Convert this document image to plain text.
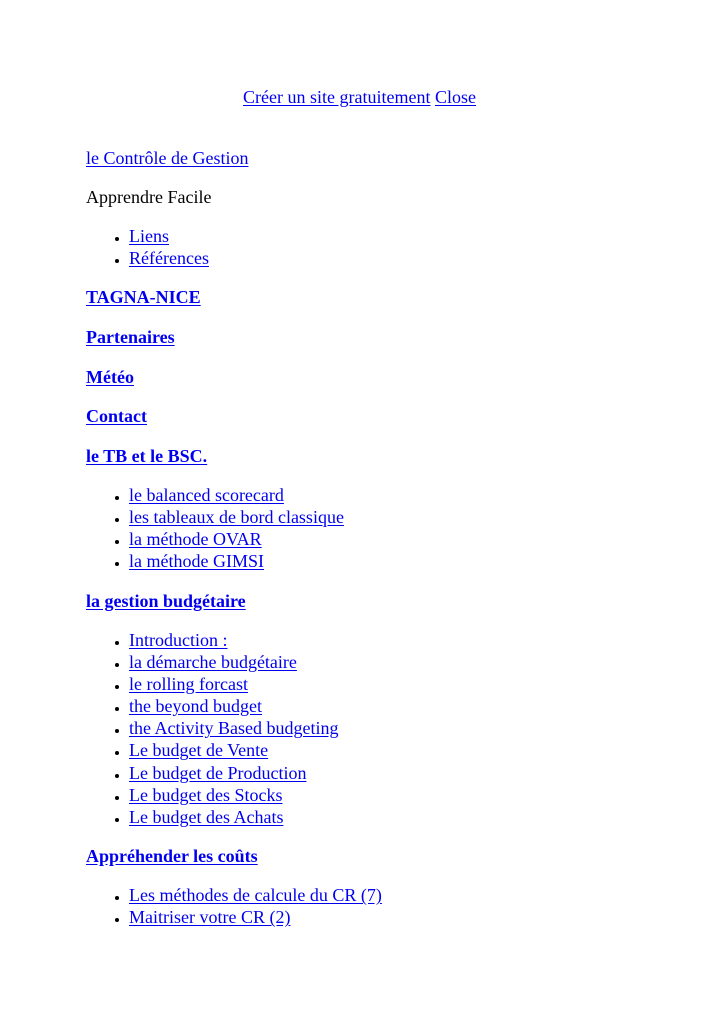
Créer un site gratuitement Close
le Contrôle de Gestion
Apprendre Facile
• Liens
• Références
TAGNA-NICE
Partenaires
Météo
Contact
le TB et le BSC.
• le balanced scorecard
• les tableaux de bord classique
• la méthode OVAR
• la méthode GIMSI
la gestion budgétaire
• Introduction :
• la démarche budgétaire
• le rolling forcast
• the beyond budget
• the Activity Based budgeting
• Le budget de Vente
• Le budget de Production
• Le budget des Stocks
• Le budget des Achats
Appréhender les coûts
• Les méthodes de calcule du CR (7)
• Maitriser votre CR (2)
